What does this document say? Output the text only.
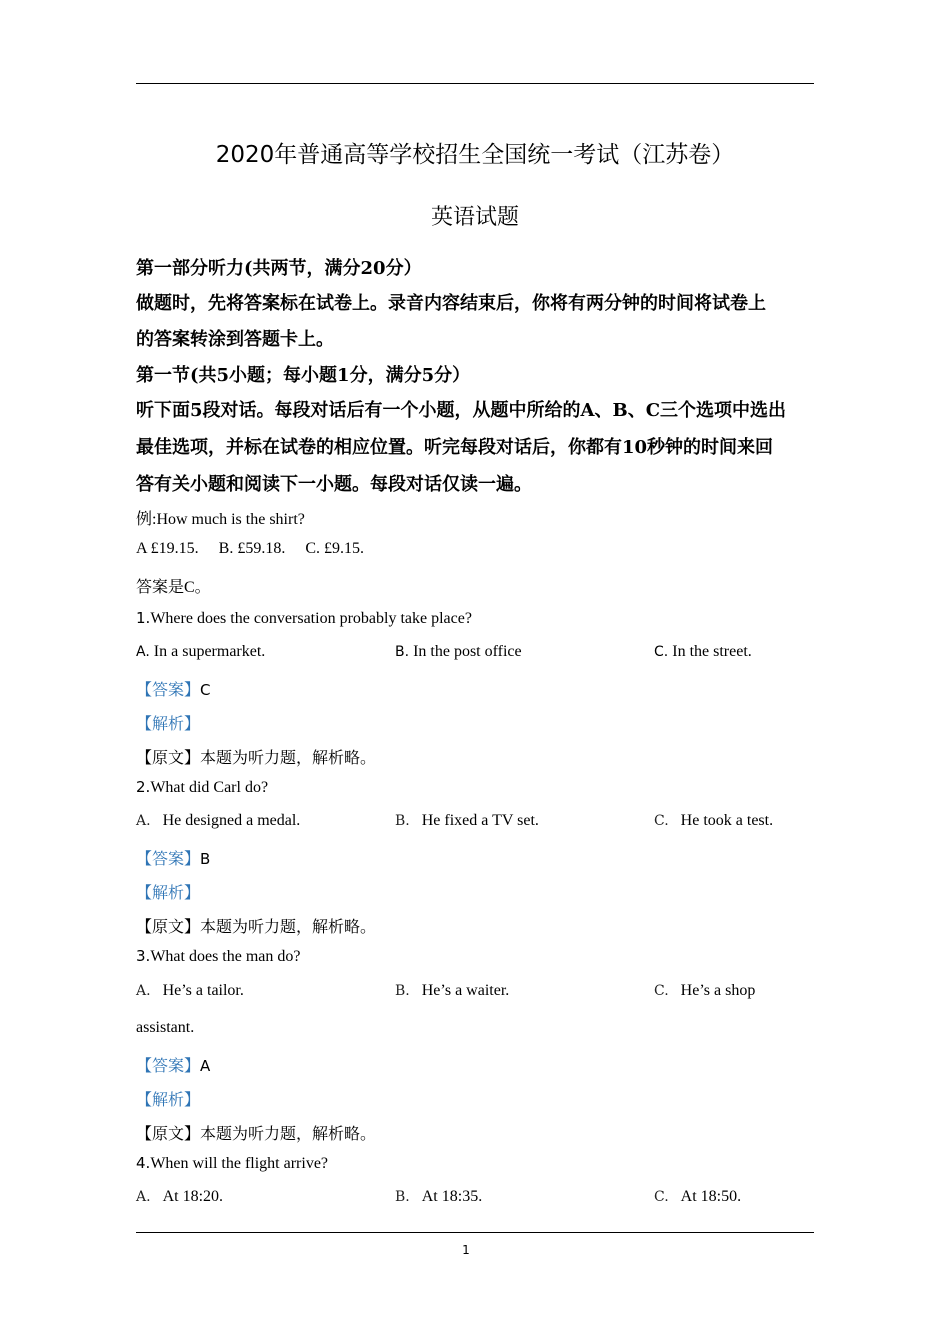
2020年普通高等学校招生全国统一考试（江苏卷）
英语试题
第一部分听力(共两节，满分20分）
做题时，先将答案标在试卷上。录音内容结束后，你将有两分钟的时间将试卷上
的答案转涂到答题卡上。
第一节(共5小题；每小题1分，满分5分）
听下面5段对话。每段对话后有一个小题，从题中所给的A、B、C三个选项中选出
最佳选项，并标在试卷的相应位置。听完每段对话后，你都有10秒钟的时间来回
答有关小题和阅读下一小题。每段对话仅读一遍。
例:How much is the shirt?
A £19.15.     B. £59.18.     C. £9.15.
答案是C。
1.Where does the conversation probably take place?
A. In a supermarket.	B. In the post office	C. In the street.
【答案】C
【解析】
【原文】本题为听力题，解析略。
2.What did Carl do?
A. He designed a medal.	B. He fixed a TV set.	C. He took a test.
【答案】B
【解析】
【原文】本题为听力题，解析略。
3.What does the man do?
A. He’s a tailor.	B. He’s a waiter.	C. He’s a shop
assistant.
【答案】A
【解析】
【原文】本题为听力题，解析略。
4.When will the flight arrive?
A. At 18:20.	B. At 18:35.	C. At 18:50.
1
